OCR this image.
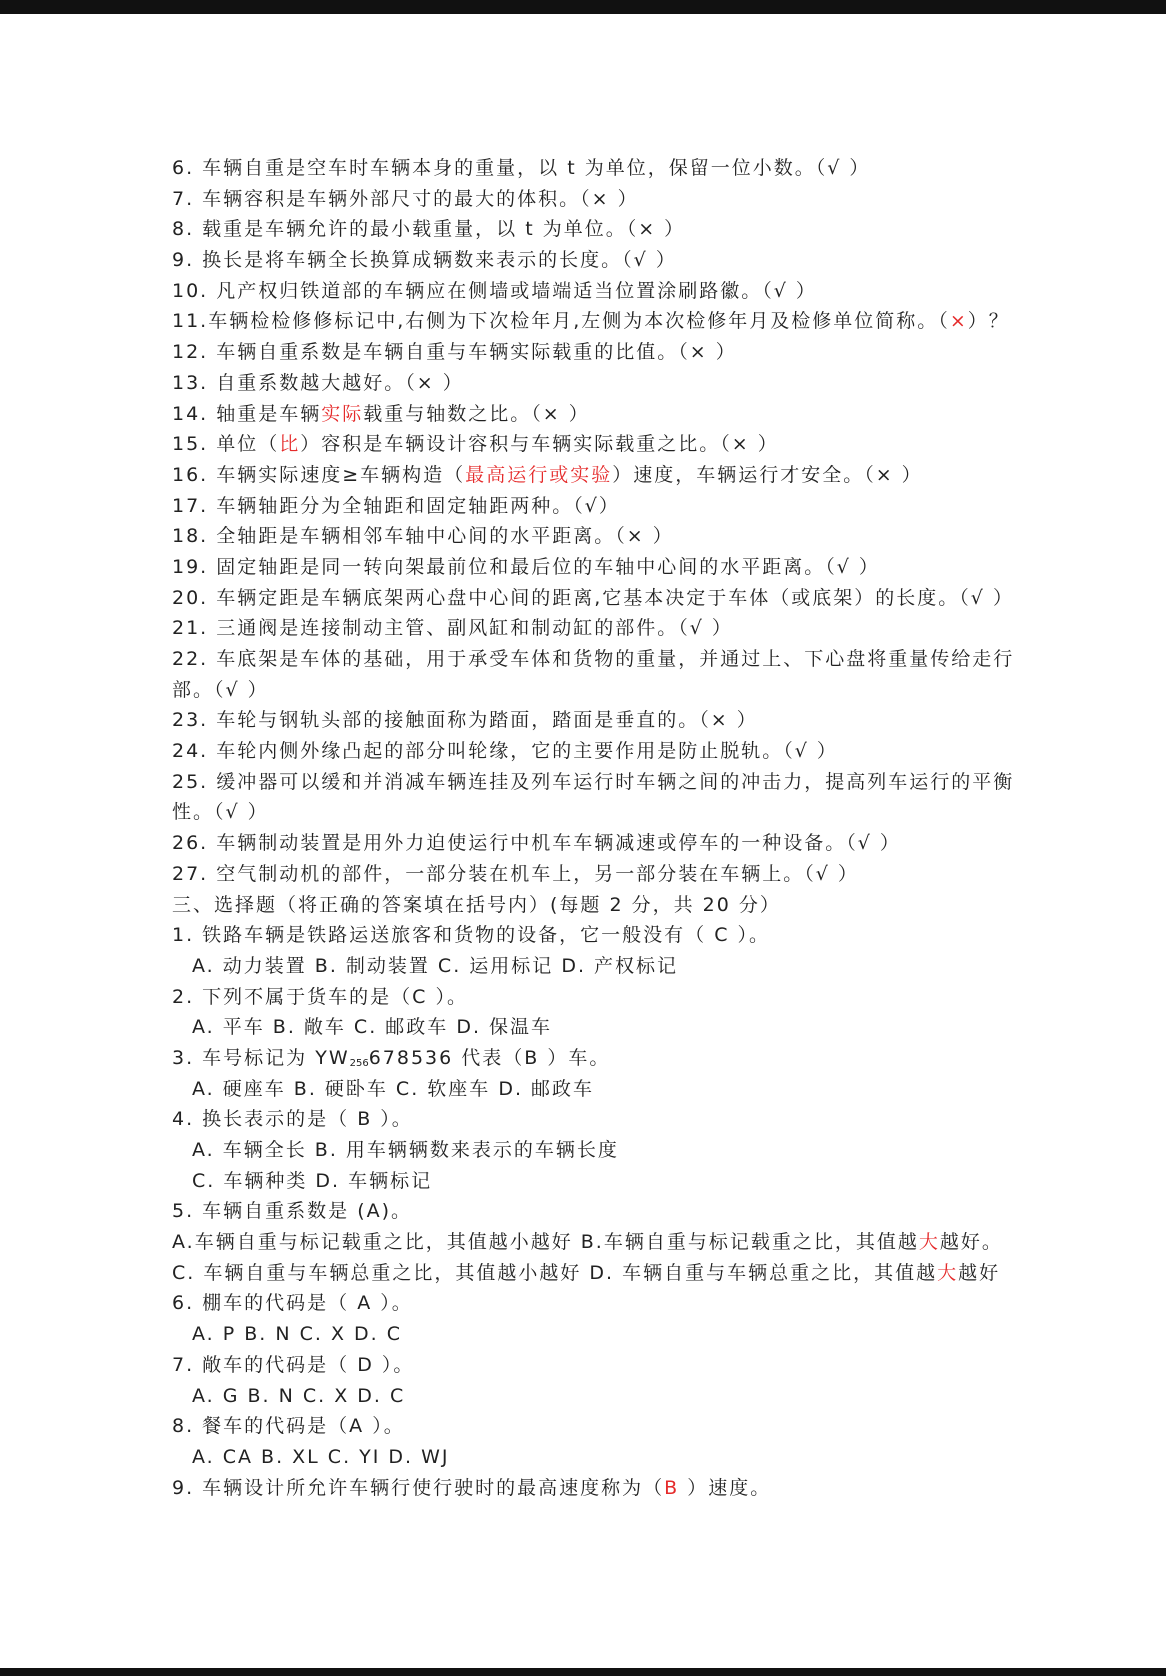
6. 车辆自重是空车时车辆本身的重量，以 t 为单位，保留一位小数。（√ ）
7. 车辆容积是车辆外部尺寸的最大的体积。（× ）
8. 载重是车辆允许的最小载重量，以 t 为单位。（× ）
9. 换长是将车辆全长换算成辆数来表示的长度。（√ ）
10. 凡产权归铁道部的车辆应在侧墙或墙端适当位置涂刷路徽。（√ ）
11.车辆检检修修标记中,右侧为下次检年月,左侧为本次检修年月及检修单位简称。（×）？
12. 车辆自重系数是车辆自重与车辆实际载重的比值。（× ）
13. 自重系数越大越好。（× ）
14. 轴重是车辆实际载重与轴数之比。（× ）
15. 单位（比）容积是车辆设计容积与车辆实际载重之比。（× ）
16. 车辆实际速度≥车辆构造（最高运行或实验）速度，车辆运行才安全。（× ）
17. 车辆轴距分为全轴距和固定轴距两种。（√）
18. 全轴距是车辆相邻车轴中心间的水平距离。（× ）
19. 固定轴距是同一转向架最前位和最后位的车轴中心间的水平距离。（√ ）
20. 车辆定距是车辆底架两心盘中心间的距离,它基本决定于车体（或底架）的长度。（√ ）
21. 三通阀是连接制动主管、副风缸和制动缸的部件。（√ ）
22. 车底架是车体的基础，用于承受车体和货物的重量，并通过上、下心盘将重量传给走行
部。（√ ）
23. 车轮与钢轨头部的接触面称为踏面，踏面是垂直的。（× ）
24. 车轮内侧外缘凸起的部分叫轮缘，它的主要作用是防止脱轨。（√ ）
25. 缓冲器可以缓和并消减车辆连挂及列车运行时车辆之间的冲击力，提高列车运行的平衡
性。（√ ）
26. 车辆制动装置是用外力迫使运行中机车车辆减速或停车的一种设备。（√ ）
27. 空气制动机的部件，一部分装在机车上，另一部分装在车辆上。（√ ）
三、选择题（将正确的答案填在括号内）(每题 2 分，共 20 分）
1. 铁路车辆是铁路运送旅客和货物的设备，它一般没有（ C ）。
A. 动力装置 B. 制动装置 C. 运用标记 D. 产权标记
2. 下列不属于货车的是（C ）。
A. 平车 B. 敞车 C. 邮政车 D. 保温车
3. 车号标记为 $YW_{256}678536$ 代表（B ）车。
A. 硬座车 B. 硬卧车 C. 软座车 D. 邮政车
4. 换长表示的是（ B ）。
A. 车辆全长 B. 用车辆辆数来表示的车辆长度
C. 车辆种类 D. 车辆标记
5. 车辆自重系数是 (A)。
A.车辆自重与标记载重之比，其值越小越好 B.车辆自重与标记载重之比，其值越大越好。
C. 车辆自重与车辆总重之比，其值越小越好 D. 车辆自重与车辆总重之比，其值越大越好
6. 棚车的代码是（ A ）。
A. P B. N C. X D. C
7. 敞车的代码是（ D ）。
A. G B. N C. X D. C
8. 餐车的代码是（A ）。
A. CA B. XL C. YI D. WJ
9. 车辆设计所允许车辆行使行驶时的最高速度称为（B ）速度。
